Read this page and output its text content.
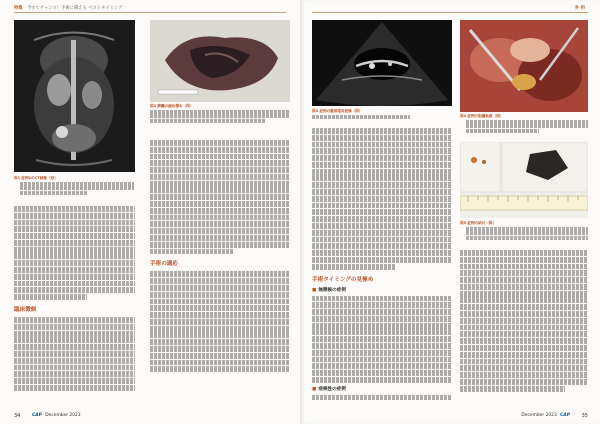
特集 今すぐチャンス！手術に備える ベストタイミング
図1 症例2のCT画像（冠）
図2 脾臓の摘出標本（図）
臨床徴候
手術の適応
34	CAP December 2023
外 科
図3 症例の腹部超音波像（図）
図4 症例の胆嚢粘液（図）
手術タイミングの見極め
■ 無徴候の症例
■ 症候性の症例
図5 症例の結石（図）
December 2023 CAP	35
